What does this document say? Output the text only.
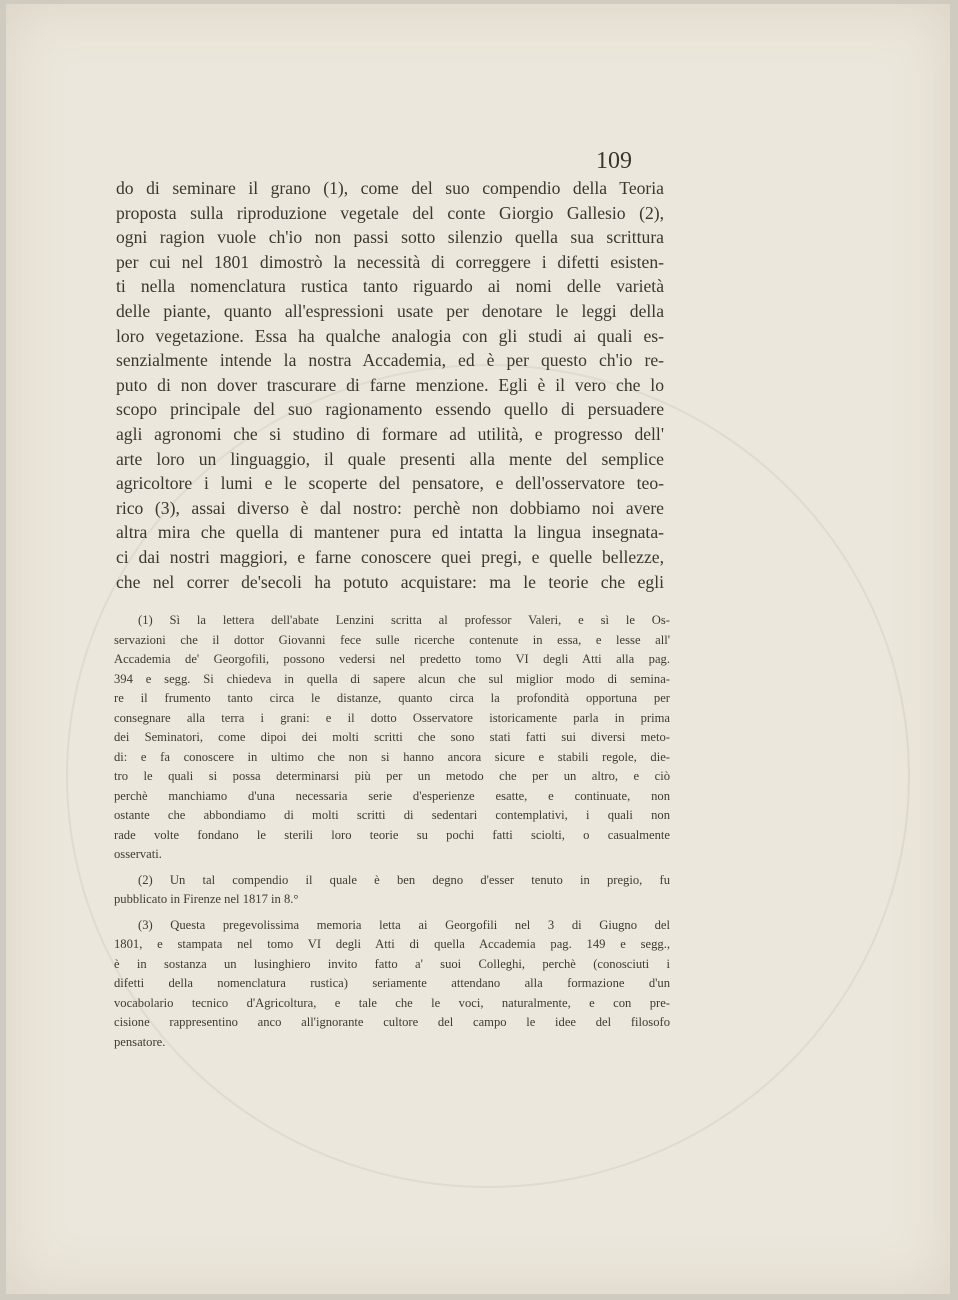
109
do di seminare il grano (1), come del suo compendio della Teoria
proposta sulla riproduzione vegetale del conte Giorgio Gallesio (2),
ogni ragion vuole ch'io non passi sotto silenzio quella sua scrittura
per cui nel 1801 dimostrò la necessità di correggere i difetti esisten-
ti nella nomenclatura rustica tanto riguardo ai nomi delle varietà
delle piante, quanto all'espressioni usate per denotare le leggi della
loro vegetazione. Essa ha qualche analogia con gli studi ai quali es-
senzialmente intende la nostra Accademia, ed è per questo ch'io re-
puto di non dover trascurare di farne menzione. Egli è il vero che lo
scopo principale del suo ragionamento essendo quello di persuadere
agli agronomi che si studino di formare ad utilità, e progresso dell'
arte loro un linguaggio, il quale presenti alla mente del semplice
agricoltore i lumi e le scoperte del pensatore, e dell'osservatore teo-
rico (3), assai diverso è dal nostro: perchè non dobbiamo noi avere
altra mira che quella di mantener pura ed intatta la lingua insegnata-
ci dai nostri maggiori, e farne conoscere quei pregi, e quelle bellezze,
che nel correr de'secoli ha potuto acquistare: ma le teorie che egli
(1) Sì la lettera dell'abate Lenzini scritta al professor Valeri, e sì le Os-
servazioni che il dottor Giovanni fece sulle ricerche contenute in essa, e lesse all'
Accademia de' Georgofili, possono vedersi nel predetto tomo VI degli Atti alla pag.
394 e segg. Si chiedeva in quella di sapere alcun che sul miglior modo di semina-
re il frumento tanto circa le distanze, quanto circa la profondità opportuna per
consegnare alla terra i grani: e il dotto Osservatore istoricamente parla in prima
dei Seminatori, come dipoi dei molti scritti che sono stati fatti sui diversi meto-
di: e fa conoscere in ultimo che non si hanno ancora sicure e stabili regole, die-
tro le quali si possa determinarsi più per un metodo che per un altro, e ciò
perchè manchiamo d'una necessaria serie d'esperienze esatte, e continuate, non
ostante che abbondiamo di molti scritti di sedentari contemplativi, i quali non
rade volte fondano le sterili loro teorie su pochi fatti sciolti, o casualmente
osservati.
(2) Un tal compendio il quale è ben degno d'esser tenuto in pregio, fu
pubblicato in Firenze nel 1817 in 8.°
(3) Questa pregevolissima memoria letta ai Georgofili nel 3 di Giugno del
1801, e stampata nel tomo VI degli Atti di quella Accademia pag. 149 e segg.,
è in sostanza un lusinghiero invito fatto a' suoi Colleghi, perchè (conosciuti i
difetti della nomenclatura rustica) seriamente attendano alla formazione d'un
vocabolario tecnico d'Agricoltura, e tale che le voci, naturalmente, e con pre-
cisione rappresentino anco all'ignorante cultore del campo le idee del filosofo
pensatore.
